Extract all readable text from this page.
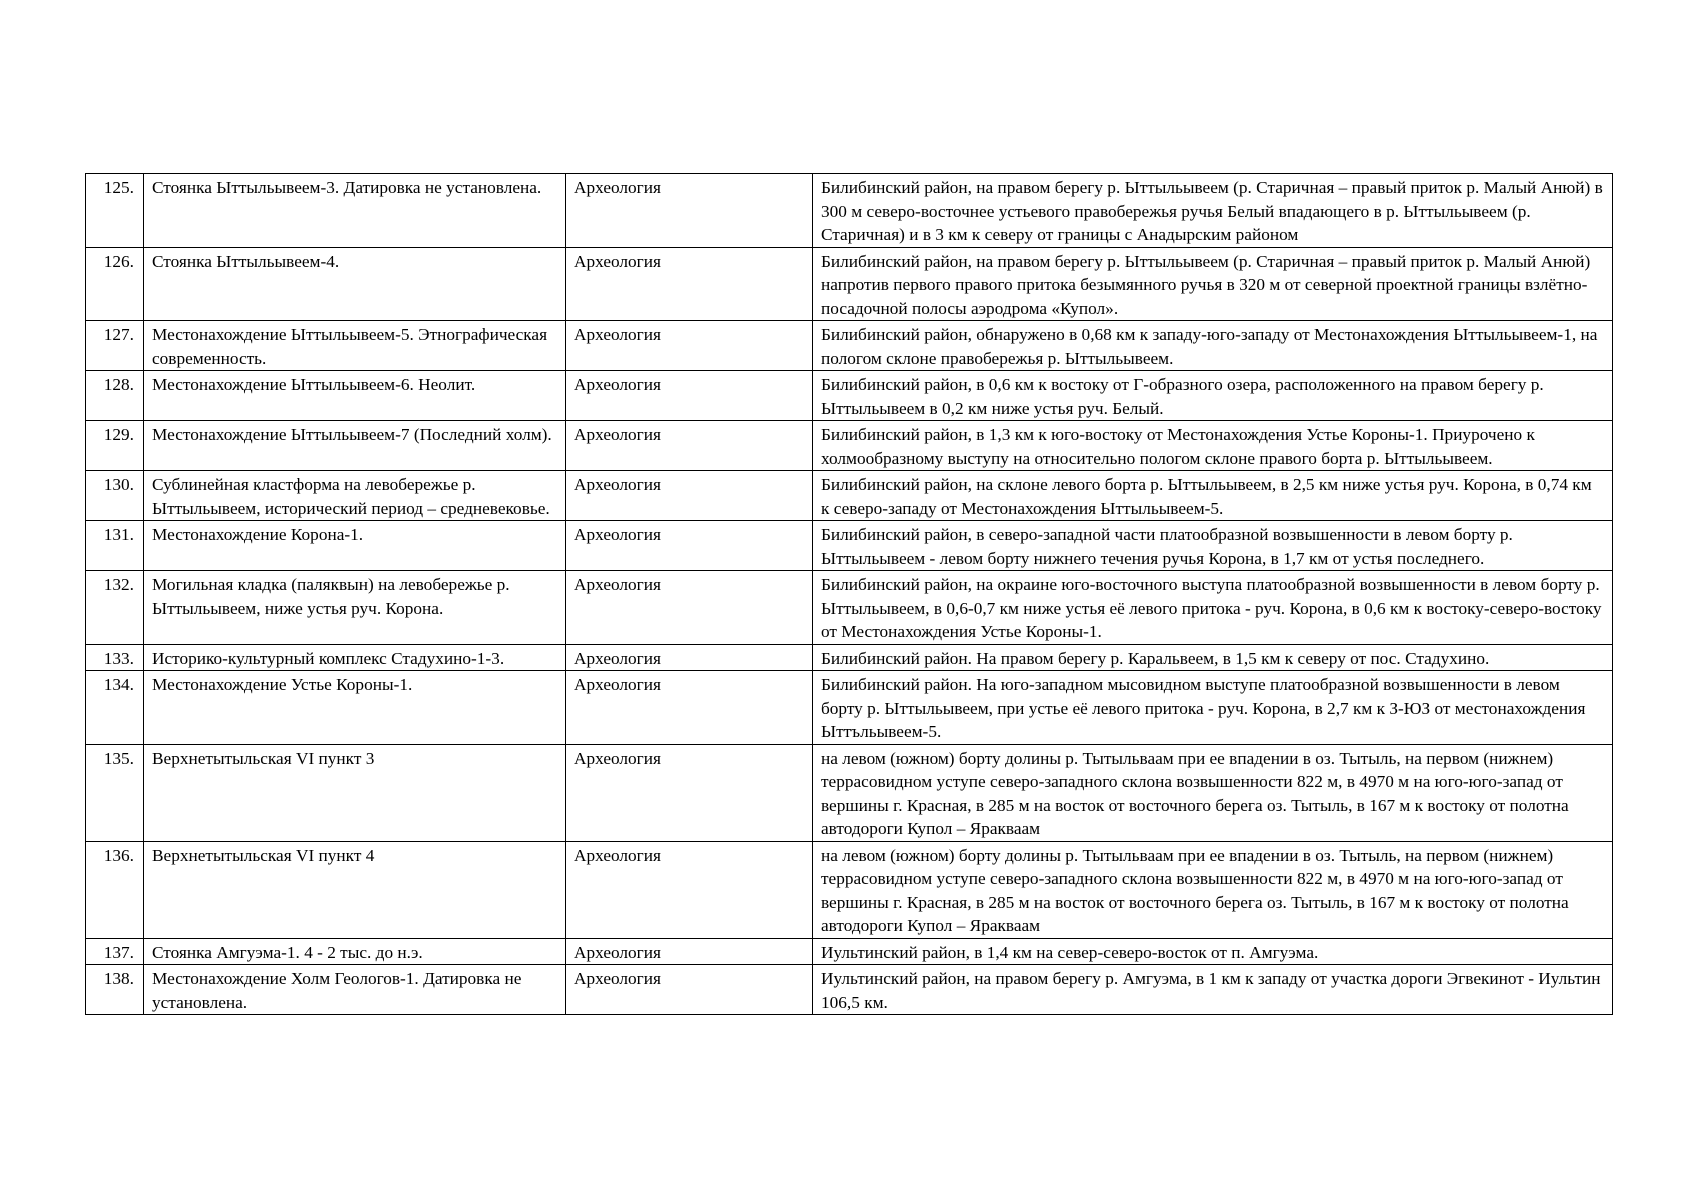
125.	Стоянка Ыттыльывеем-3. Датировка не установлена.	Археология	Билибинский район, на правом берегу р. Ыттыльывеем (р. Старичная – правый приток р. Малый Анюй) в 300 м северо-восточнее устьевого правобережья ручья Белый впадающего в р. Ыттыльывеем (р. Старичная) и в 3 км к северу от границы с Анадырским районом
126.	Стоянка Ыттыльывеем-4.	Археология	Билибинский район, на правом берегу р. Ыттыльывеем (р. Старичная – правый приток р. Малый Анюй) напротив первого правого притока безымянного ручья в 320 м от северной проектной границы взлётно-посадочной полосы аэродрома «Купол».
127.	Местонахождение Ыттыльывеем-5. Этнографическая современность.	Археология	Билибинский район, обнаружено в 0,68 км к западу-юго-западу от Местонахождения Ыттыльывеем-1, на пологом склоне правобережья р. Ыттыльывеем.
128.	Местонахождение Ыттыльывеем-6. Неолит.	Археология	Билибинский район, в 0,6 км к востоку от Г-образного озера, расположенного на правом берегу р. Ыттыльывеем в 0,2 км ниже устья руч. Белый.
129.	Местонахождение Ыттыльывеем-7 (Последний холм).	Археология	Билибинский район, в 1,3 км к юго-востоку от Местонахождения Устье Короны-1. Приурочено к холмообразному выступу на относительно пологом склоне правого борта р. Ыттыльывеем.
130.	Сублинейная кластформа на левобережье р. Ыттыльывеем, исторический период – средневековье.	Археология	Билибинский район, на склоне левого борта р. Ыттыльывеем, в 2,5 км ниже устья руч. Корона, в 0,74 км к северо-западу от Местонахождения Ыттыльывеем-5.
131.	Местонахождение Корона-1.	Археология	Билибинский район, в северо-западной части платообразной возвышенности в левом борту р. Ыттыльывеем - левом борту нижнего течения ручья Корона, в 1,7 км от устья последнего.
132.	Могильная кладка (паляквын) на левобережье р. Ыттыльывеем, ниже устья руч. Корона.	Археология	Билибинский район, на окраине юго-восточного выступа платообразной возвышенности в левом борту р. Ыттыльывеем, в 0,6-0,7 км ниже устья её левого притока - руч. Корона, в 0,6 км к востоку-северо-востоку от Местонахождения Устье Короны-1.
133.	Историко-культурный комплекс Стадухино-1-3.	Археология	Билибинский район. На правом берегу р. Каральвеем, в 1,5 км к северу от пос. Стадухино.
134.	Местонахождение Устье Короны-1.	Археология	Билибинский район. На юго-западном мысовидном выступе платообразной возвышенности в левом борту р. Ыттыльывеем, при устье её левого притока - руч. Корона, в 2,7 км к З-ЮЗ от местонахождения Ыттъльывеем-5.
135.	Верхнетытыльская VI пункт 3	Археология	на левом (южном) борту долины р. Тытыльваам при ее впадении в оз. Тытыль, на первом (нижнем) террасовидном уступе северо-западного склона возвышенности 822 м, в 4970 м на юго-юго-запад от вершины г. Красная, в 285 м на восток от восточного берега оз. Тытыль, в 167 м к востоку от полотна автодороги Купол – Яракваам
136.	Верхнетытыльская VI пункт 4	Археология	на левом (южном) борту долины р. Тытыльваам при ее впадении в оз. Тытыль, на первом (нижнем) террасовидном уступе северо-западного склона возвышенности 822 м, в 4970 м на юго-юго-запад от вершины г. Красная, в 285 м на восток от восточного берега оз. Тытыль, в 167 м к востоку от полотна автодороги Купол – Яракваам
137.	Стоянка Амгуэма-1. 4 - 2 тыс. до н.э.	Археология	Иультинский район, в 1,4 км на север-северо-восток от п. Амгуэма.
138.	Местонахождение Холм Геологов-1. Датировка не установлена.	Археология	Иультинский район, на правом берегу р. Амгуэма, в 1 км к западу от участка дороги Эгвекинот - Иультин 106,5 км.
